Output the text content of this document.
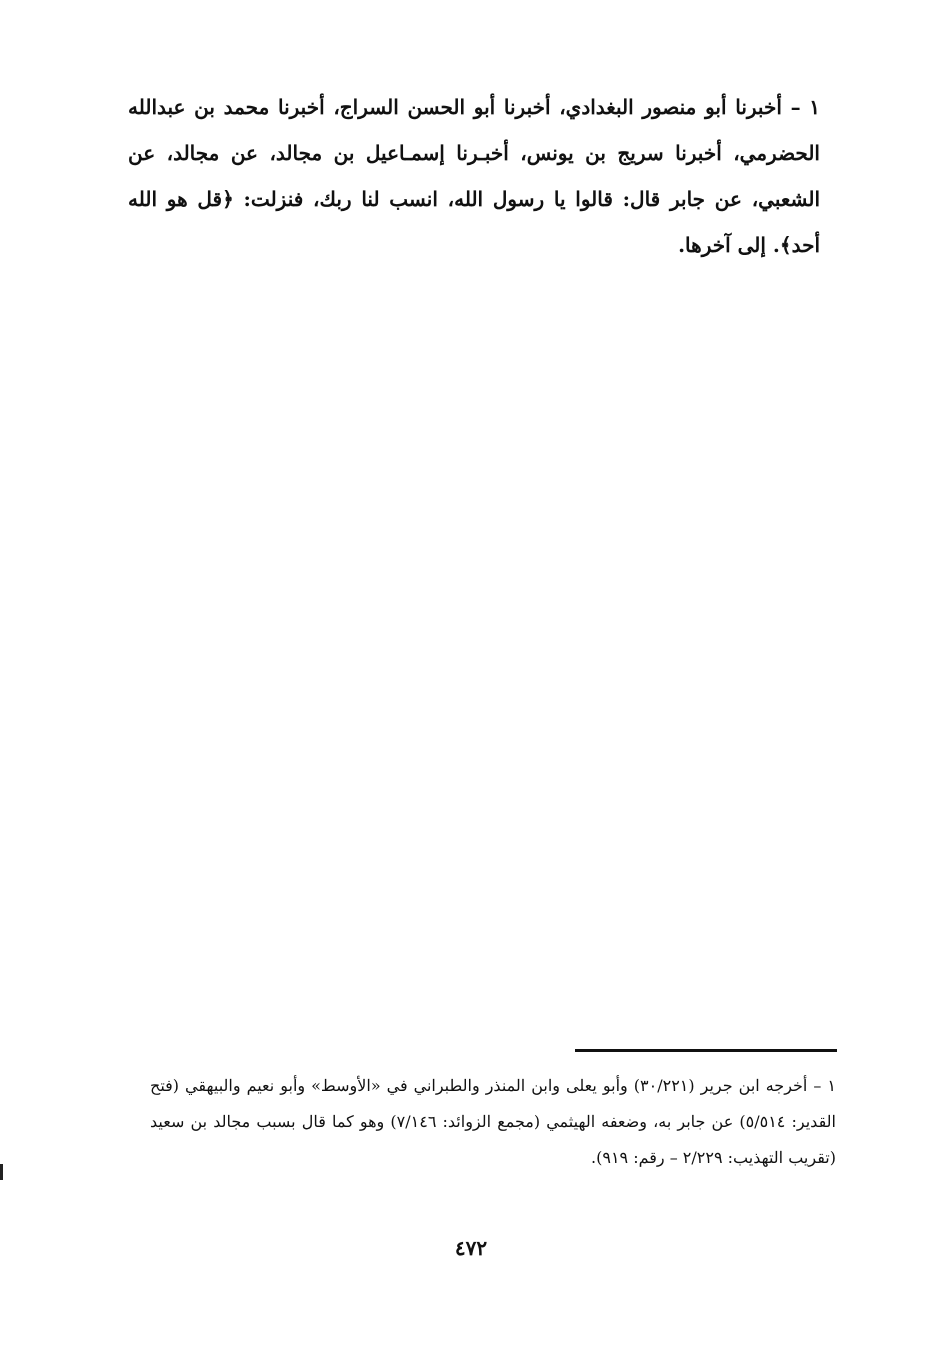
١ – أخبرنا أبو منصور البغدادي، أخبرنا أبو الحسن السراج، أخبرنا محمد بن عبدالله الحضرمي، أخبرنا سريج بن يونس، أخبـرنا إسمـاعيل بن مجالد، عن مجالد، عن الشعبي، عن جابر قال: قالوا يا رسول الله، انسب لنا ربك، فنزلت: ﴿قل هو الله أحد﴾. إلى آخرها.

١ – أخرجه ابن جرير (٣٠/٢٢١) وأبو يعلى وابن المنذر والطبراني في «الأوسط» وأبو نعيم والبيهقي (فتح القدير: ٥/٥١٤) عن جابر به، وضعفه الهيثمي (مجمع الزوائد: ٧/١٤٦) وهو كما قال بسبب مجالد بن سعيد (تقريب التهذيب: ٢/٢٢٩ – رقم: ٩١٩).

٤٧٢
